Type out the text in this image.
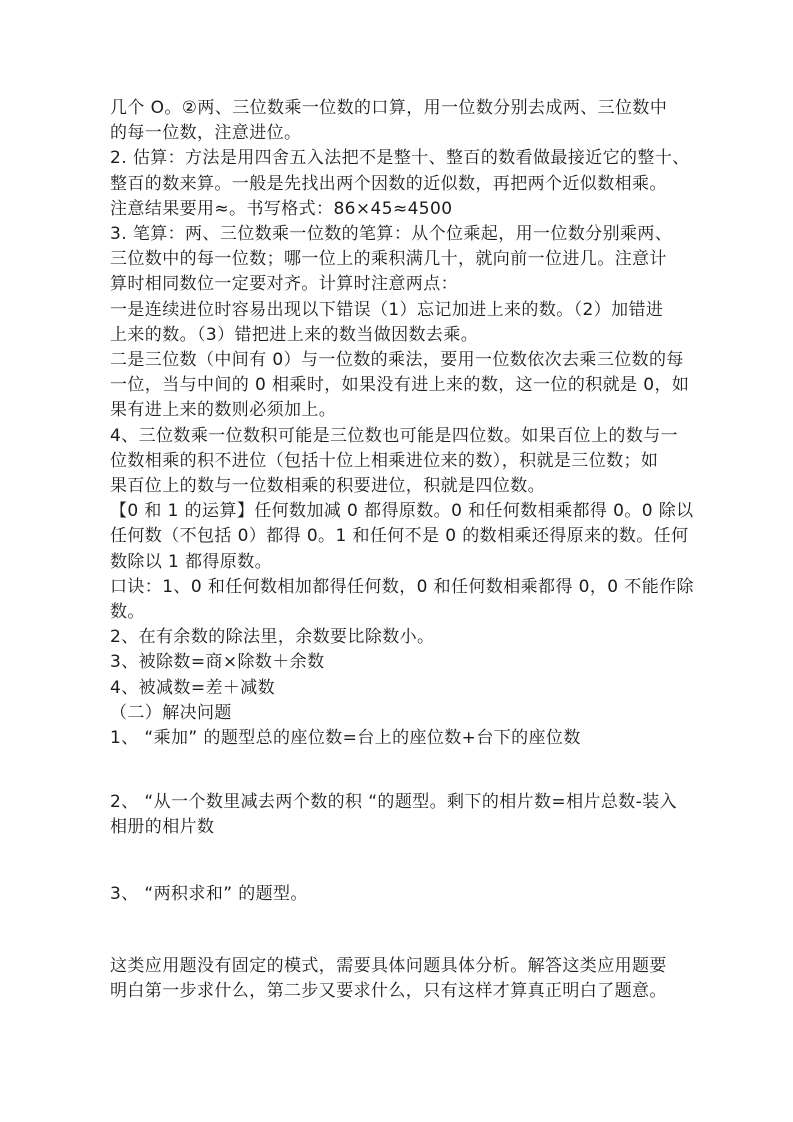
几个 O。②两、三位数乘一位数的口算，用一位数分别去成两、三位数中
的每一位数，注意进位。
2. 估算：方法是用四舍五入法把不是整十、整百的数看做最接近它的整十、
整百的数来算。一般是先找出两个因数的近似数，再把两个近似数相乘。
注意结果要用≈。书写格式：86×45≈4500
3. 笔算：两、三位数乘一位数的笔算：从个位乘起，用一位数分别乘两、
三位数中的每一位数；哪一位上的乘积满几十，就向前一位进几。注意计
算时相同数位一定要对齐。计算时注意两点：
一是连续进位时容易出现以下错误（1）忘记加进上来的数。（2）加错进
上来的数。（3）错把进上来的数当做因数去乘。
二是三位数（中间有 0）与一位数的乘法，要用一位数依次去乘三位数的每
一位，当与中间的 0 相乘时，如果没有进上来的数，这一位的积就是 0，如
果有进上来的数则必须加上。
4、三位数乘一位数积可能是三位数也可能是四位数。如果百位上的数与一
位数相乘的积不进位（包括十位上相乘进位来的数），积就是三位数；如
果百位上的数与一位数相乘的积要进位，积就是四位数。
【0 和 1 的运算】任何数加减 0 都得原数。0 和任何数相乘都得 0。0 除以
任何数（不包括 0）都得 0。1 和任何不是 0 的数相乘还得原来的数。任何
数除以 1 都得原数。
口诀：1、0 和任何数相加都得任何数，0 和任何数相乘都得 0，0 不能作除
数。
2、在有余数的除法里，余数要比除数小。
3、被除数=商×除数＋余数
4、被减数=差＋减数
（二）解决问题
1、 “乘加” 的题型总的座位数=台上的座位数+台下的座位数
2、 “从一个数里减去两个数的积 “的题型。剩下的相片数=相片总数-装入
相册的相片数
3、 “两积求和” 的题型。
这类应用题没有固定的模式，需要具体问题具体分析。解答这类应用题要
明白第一步求什么，第二步又要求什么，只有这样才算真正明白了题意。
